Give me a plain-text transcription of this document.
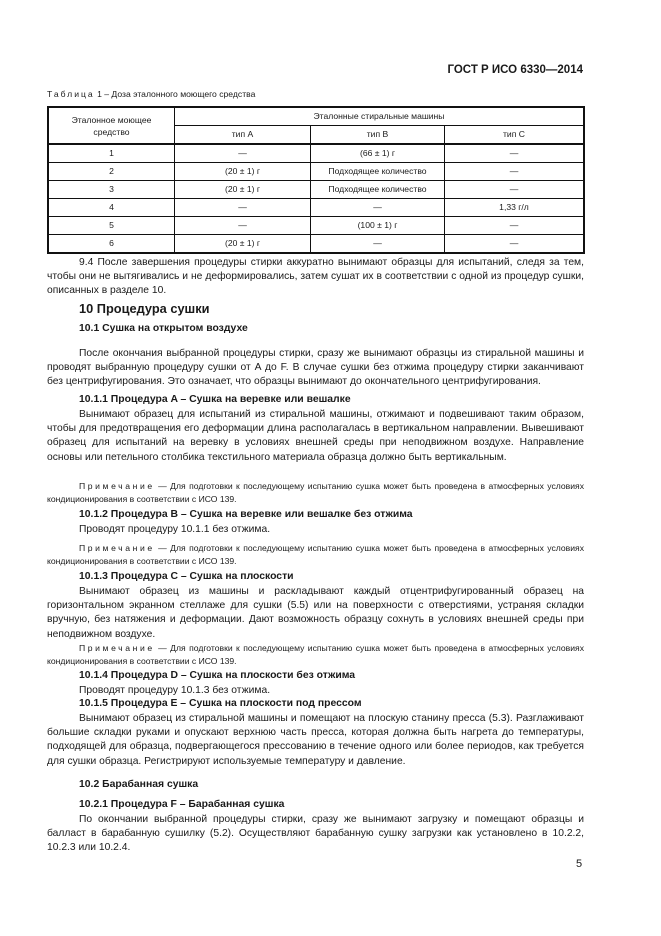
ГОСТ Р ИСО 6330—2014
Таблица 1 – Доза эталонного моющего средства
Эталонное моющее средство	Эталонные стиральные машины		
	тип A	тип B	тип C
1	—	(66 ± 1) г	—
2	(20 ± 1) г	Подходящее количество	—
3	(20 ± 1) г	Подходящее количество	—
4	—	—	1,33 г/л
5	—	(100 ± 1) г	—
6	(20 ± 1) г	—	—

9.4 После завершения процедуры стирки аккуратно вынимают образцы для испытаний, следя за тем, чтобы они не вытягивались и не деформировались, затем сушат их в соответствии с одной из процедур сушки, описанных в разделе 10.

10 Процедура сушки
10.1 Сушка на открытом воздухе

После окончания выбранной процедуры стирки, сразу же вынимают образцы из стиральной машины и проводят выбранную процедуру сушки от A до F. В случае сушки без отжима процедуру стирки заканчивают без центрифугирования. Это означает, что образцы вынимают до окончательного центрифугирования.

10.1.1 Процедура A – Сушка на веревке или вешалке

Вынимают образец для испытаний из стиральной машины, отжимают и подвешивают таким образом, чтобы для предотвращения его деформации длина располагалась в вертикальном направлении. Вывешивают образец для испытаний на веревку в условиях внешней среды при неподвижном воздухе. Направление основы или петельного столбика текстильного материала образца должно быть вертикальным.

Примечание — Для подготовки к последующему испытанию сушка может быть проведена в атмосферных условиях кондиционирования в соответствии с ИСО 139.

10.1.2 Процедура B – Сушка на веревке или вешалке без отжима

Проводят процедуру 10.1.1 без отжима.

Примечание — Для подготовки к последующему испытанию сушка может быть проведена в атмосферных условиях кондиционирования в соответствии с ИСО 139.

10.1.3 Процедура C – Сушка на плоскости

Вынимают образец из машины и раскладывают каждый отцентрифугированный образец на горизонтальном экранном стеллаже для сушки (5.5) или на поверхности с отверстиями, устраняя складки вручную, без натяжения и деформации. Дают возможность образцу сохнуть в условиях внешней среды при неподвижном воздухе.

Примечание — Для подготовки к последующему испытанию сушка может быть проведена в атмосферных условиях кондиционирования в соответствии с ИСО 139.

10.1.4 Процедура D – Сушка на плоскости без отжима

Проводят процедуру 10.1.3 без отжима.

10.1.5 Процедура E – Сушка на плоскости под прессом

Вынимают образец из стиральной машины и помещают на плоскую станину пресса (5.3). Разглаживают большие складки руками и опускают верхнюю часть пресса, которая должна быть нагрета до температуры, подходящей для образца, подвергающегося прессованию в течение одного или более периодов, как требуется для сушки образца. Регистрируют используемые температуру и давление.

10.2 Барабанная сушка
10.2.1 Процедура F – Барабанная сушка

По окончании выбранной процедуры стирки, сразу же вынимают загрузку и помещают образцы и балласт в барабанную сушилку (5.2). Осуществляют барабанную сушку загрузки как установлено в 10.2.2, 10.2.3 или 10.2.4.

5
